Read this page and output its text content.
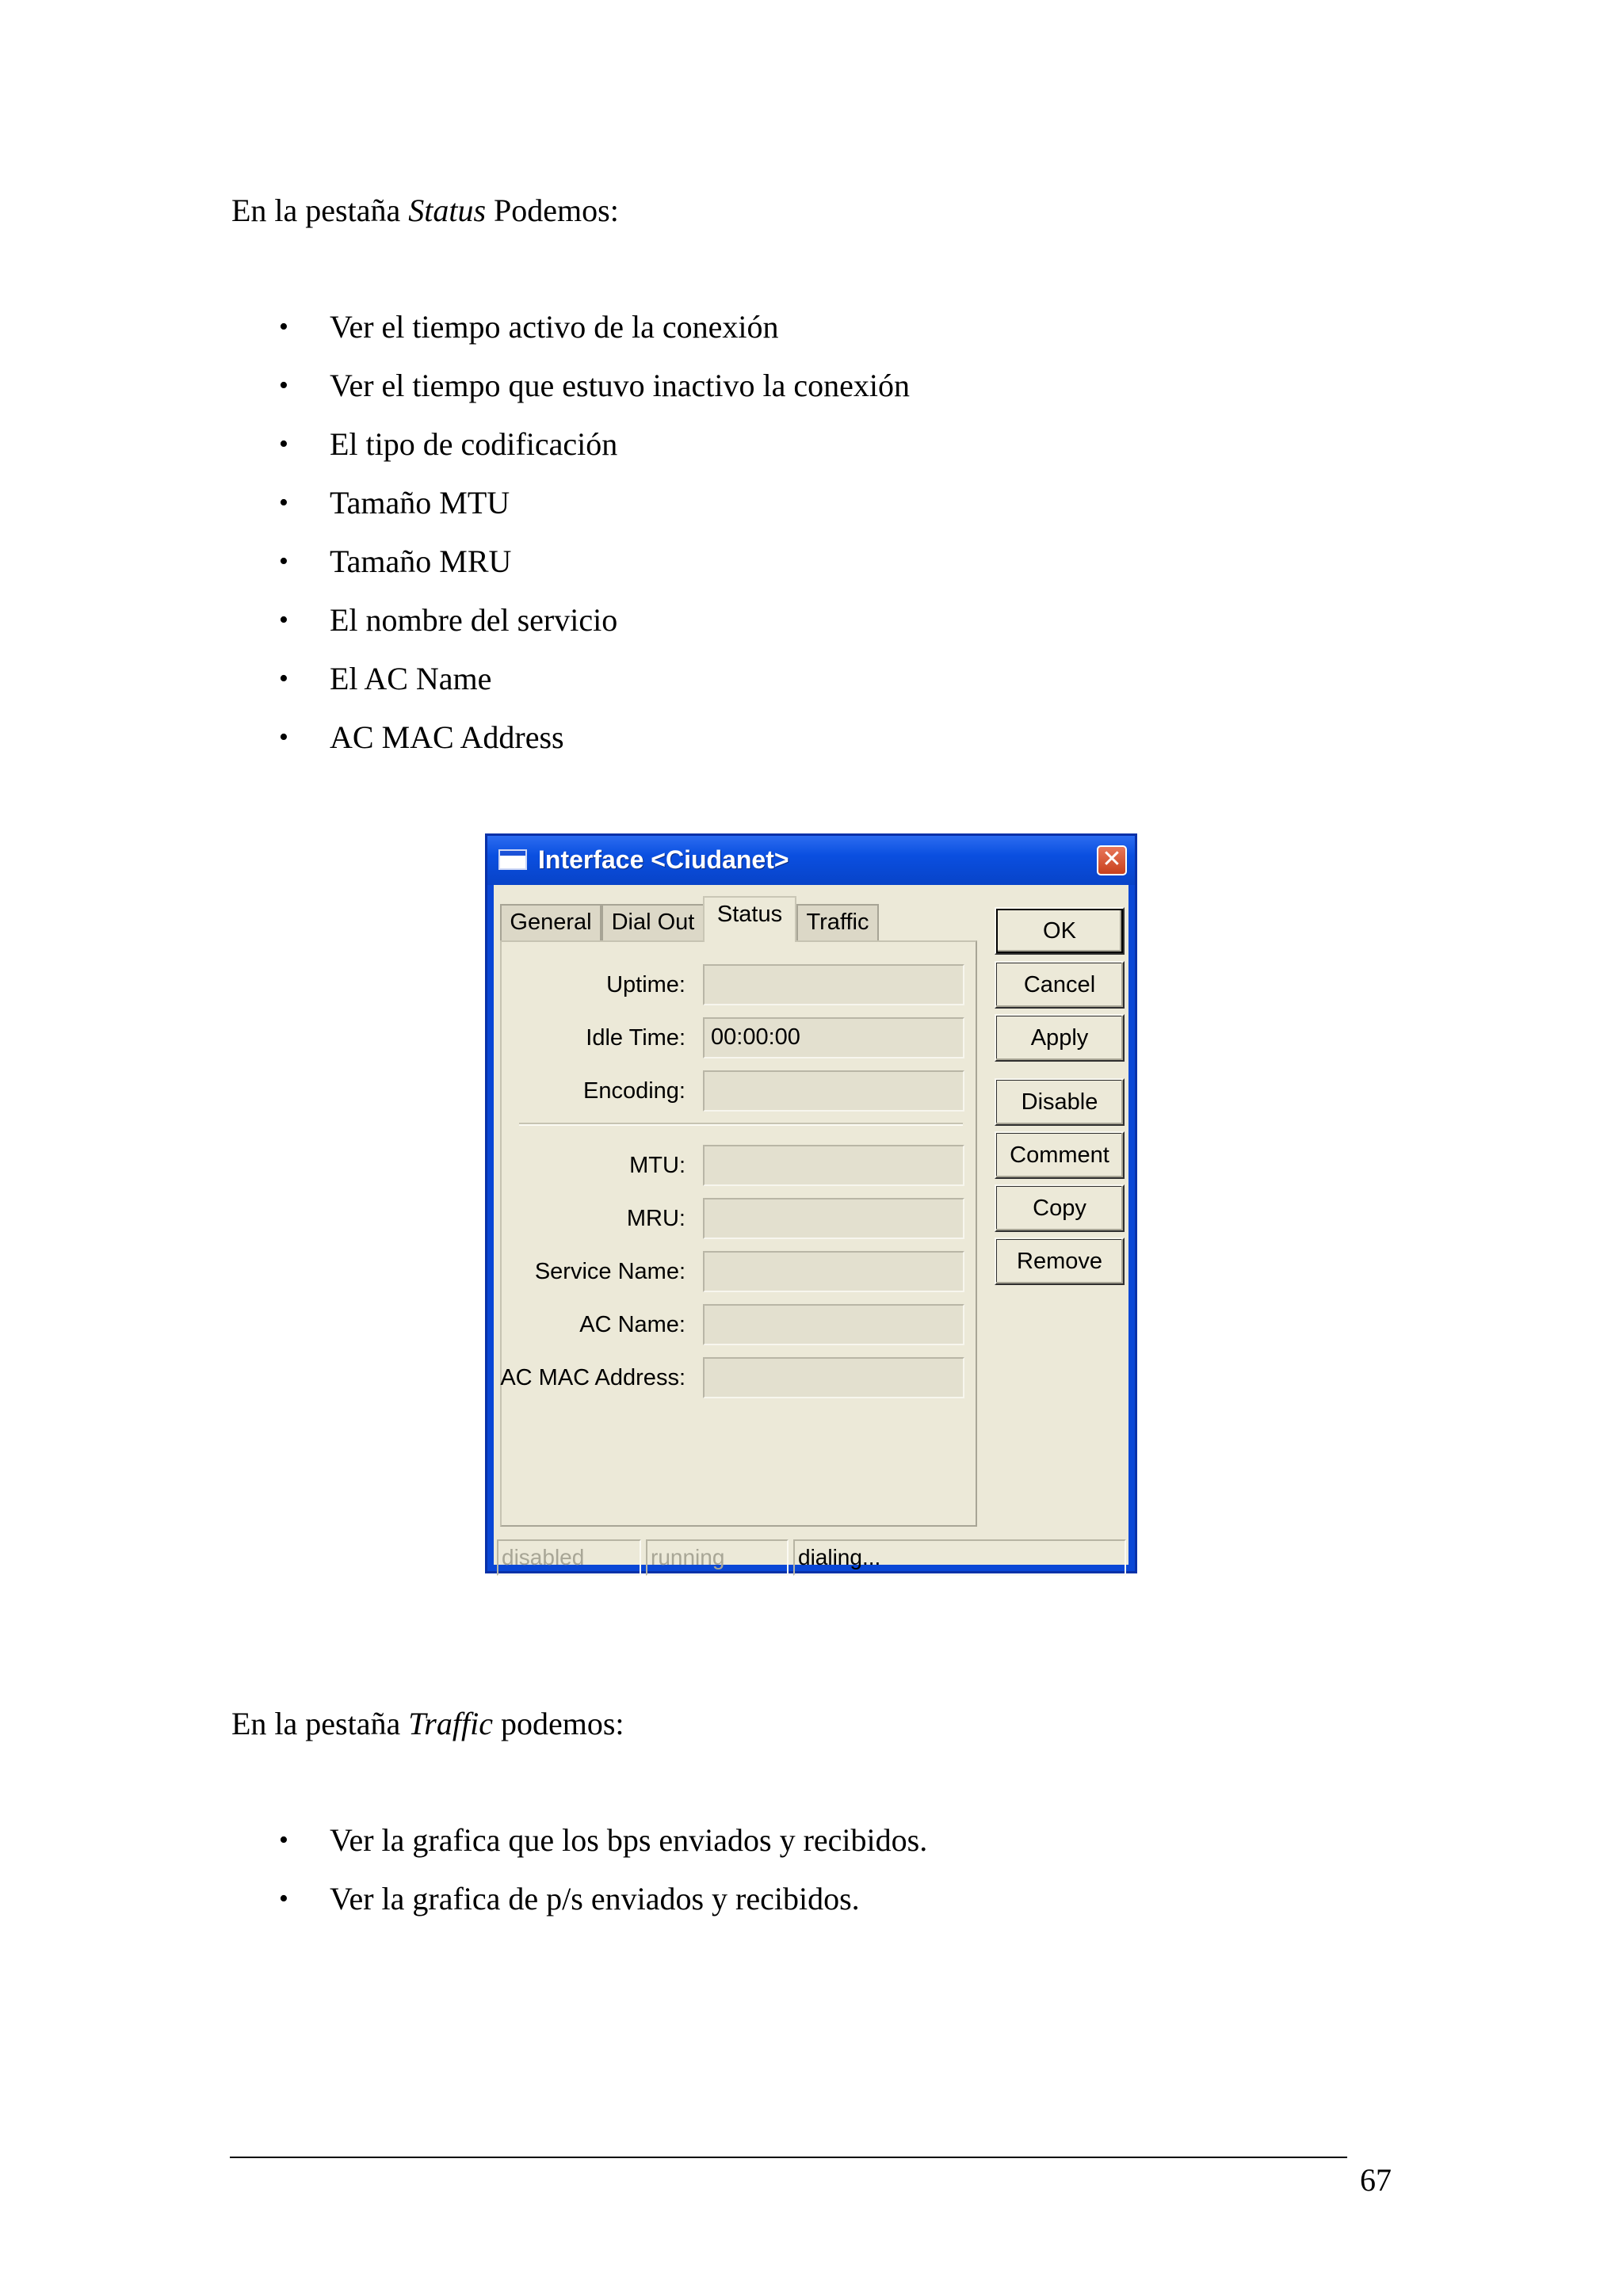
En la pestaña Status Podemos:

• Ver el tiempo activo de la conexión
• Ver el tiempo que estuvo inactivo la conexión
• El tipo de codificación
• Tamaño MTU
• Tamaño MRU
• El nombre del servicio
• El AC Name
• AC MAC Address
Interface <Ciudanet>	✕
General Dial Out Status	Traffic
Uptime:
Idle Time:	00:00:00
Encoding:
MTU:
MRU:
Service Name:
AC Name:
AC MAC Address:
OK
Cancel
Apply
Disable
Comment
Copy
Remove
disabled	running	dialing...

En la pestaña Traffic podemos:

• Ver la grafica que los bps enviados y recibidos.
• Ver la grafica de p/s enviados y recibidos.
67
